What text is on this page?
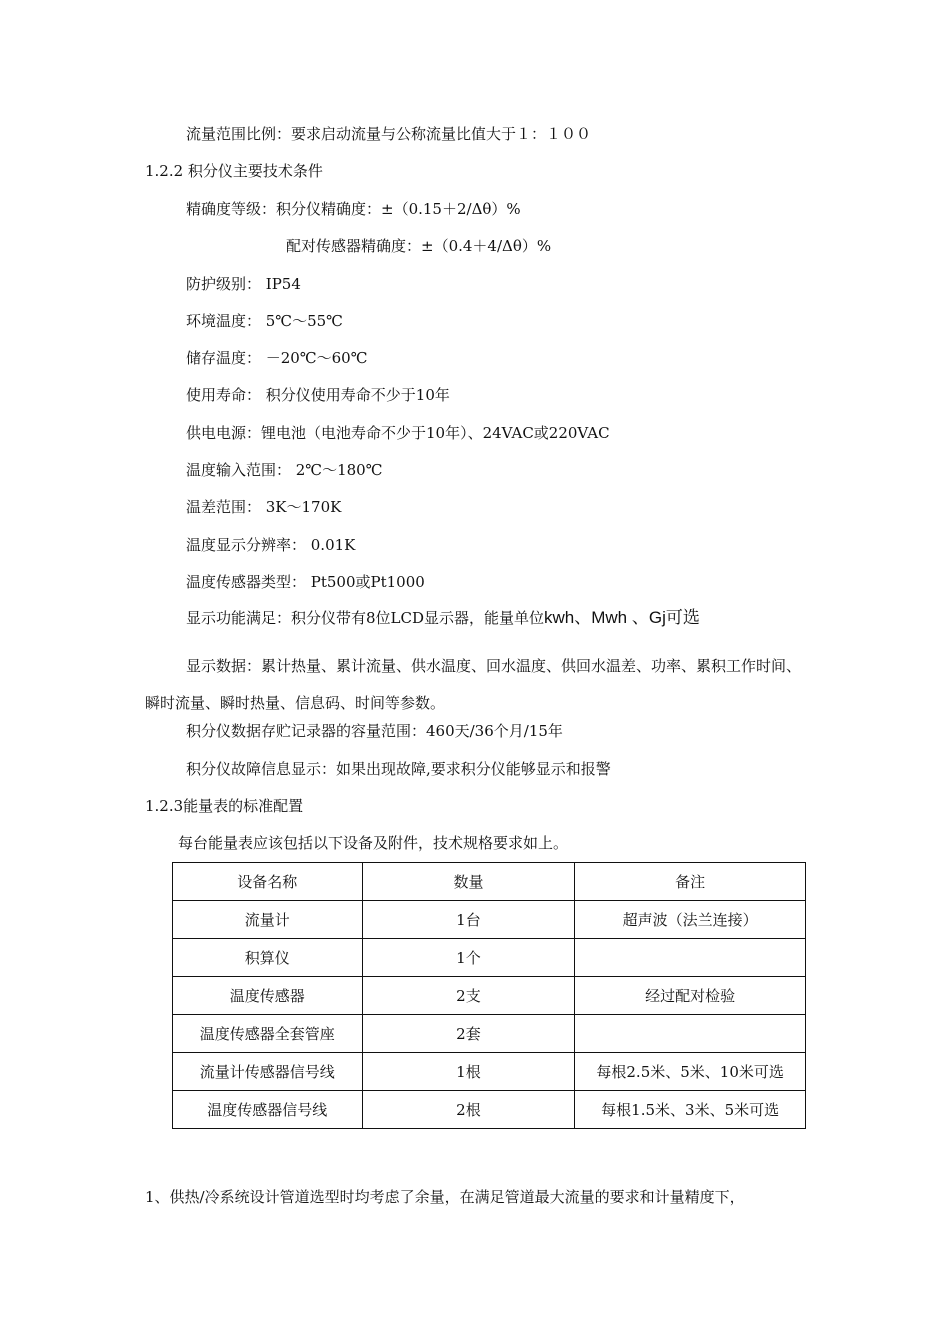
流量范围比例：要求启动流量与公称流量比值大于１：１００
1.2.2 积分仪主要技术条件
精确度等级：积分仪精确度：±（0.15＋2/Δθ）%
配对传感器精确度：±（0.4＋4/Δθ）%
防护级别： IP54
环境温度： 5℃～55℃
储存温度： －20℃～60℃
使用寿命： 积分仪使用寿命不少于10年
供电电源：锂电池（电池寿命不少于10年）、24VAC或220VAC
温度输入范围： 2℃～180℃
温差范围： 3K～170K
温度显示分辨率： 0.01K
温度传感器类型： Pt500或Pt1000
显示功能满足：积分仪带有8位LCD显示器，能量单位kwh、Mwh 、Gj可选
显示数据：累计热量、累计流量、供水温度、回水温度、供回水温差、功率、累积工作时间、瞬时流量、瞬时热量、信息码、时间等参数。
积分仪数据存贮记录器的容量范围：460天/36个月/15年
积分仪故障信息显示：如果出现故障,要求积分仪能够显示和报警
1.2.3能量表的标准配置
每台能量表应该包括以下设备及附件，技术规格要求如上。
设备名称	数量	备注
流量计	1台	超声波（法兰连接）
积算仪	1个	
温度传感器	2支	经过配对检验
温度传感器全套管座	2套	
流量计传感器信号线	1根	每根2.5米、5米、10米可选
温度传感器信号线	2根	每根1.5米、3米、5米可选
1、供热/冷系统设计管道选型时均考虑了余量，在满足管道最大流量的要求和计量精度下，
